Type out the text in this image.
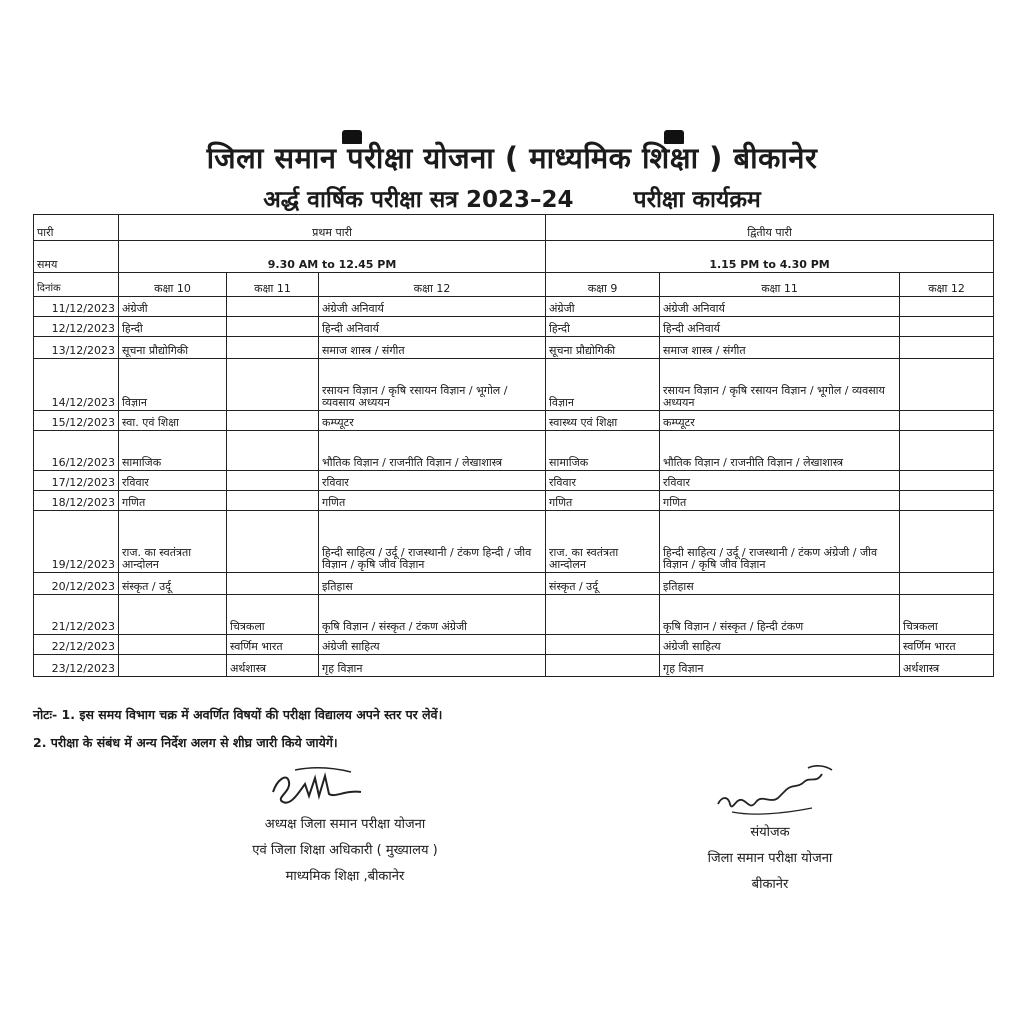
जिला समान परीक्षा योजना ( माध्यमिक शिक्षा ) बीकानेर
अर्द्ध वार्षिक परीक्षा सत्र 2023–24	परीक्षा कार्यक्रम
पारी	प्रथम पारी			द्वितीय पारी		
समय	9.30 AM to 12.45 PM			1.15 PM to 4.30 PM		
दिनांक	कक्षा 10	कक्षा 11	कक्षा 12	कक्षा 9	कक्षा 11	कक्षा 12
11/12/2023	अंग्रेजी		अंग्रेजी अनिवार्य	अंग्रेजी	अंग्रेजी अनिवार्य	
12/12/2023	हिन्दी		हिन्दी अनिवार्य	हिन्दी	हिन्दी अनिवार्य	
13/12/2023	सूचना प्रौद्योगिकी		समाज शास्त्र / संगीत	सूचना प्रौद्योगिकी	समाज शास्त्र / संगीत	
14/12/2023	विज्ञान		रसायन विज्ञान / कृषि रसायन विज्ञान / भूगोल / व्यवसाय अध्ययन	विज्ञान	रसायन विज्ञान / कृषि रसायन विज्ञान / भूगोल / व्यवसाय अध्ययन	
15/12/2023	स्वा. एवं शिक्षा		कम्प्यूटर	स्वास्थ्य एवं शिक्षा	कम्प्यूटर	
16/12/2023	सामाजिक		भौतिक विज्ञान / राजनीति विज्ञान / लेखाशास्त्र	सामाजिक	भौतिक विज्ञान / राजनीति विज्ञान / लेखाशास्त्र	
17/12/2023	रविवार		रविवार	रविवार	रविवार	
18/12/2023	गणित		गणित	गणित	गणित	
19/12/2023	राज. का स्वतंत्रता आन्दोलन		हिन्दी साहित्य / उर्दू / राजस्थानी / टंकण हिन्दी / जीव विज्ञान / कृषि जीव विज्ञान	राज. का स्वतंत्रता आन्दोलन	हिन्दी साहित्य / उर्दू / राजस्थानी / टंकण अंग्रेजी / जीव विज्ञान / कृषि जीव विज्ञान	
20/12/2023	संस्कृत / उर्दू		इतिहास	संस्कृत / उर्दू	इतिहास	
21/12/2023		चित्रकला	कृषि विज्ञान / संस्कृत / टंकण अंग्रेजी		कृषि विज्ञान / संस्कृत / हिन्दी टंकण	चित्रकला
22/12/2023		स्वर्णिम भारत	अंग्रेजी साहित्य		अंग्रेजी साहित्य	स्वर्णिम भारत
23/12/2023		अर्थशास्त्र	गृह विज्ञान		गृह विज्ञान	अर्थशास्त्र
नोटः- 1. इस समय विभाग चक्र में अवर्णित विषयों की परीक्षा विद्यालय अपने स्तर पर लेवें।
2. परीक्षा के संबंध में अन्य निर्देश अलग से शीघ्र जारी किये जायेगें।
अध्यक्ष जिला समान परीक्षा योजना
एवं जिला शिक्षा अधिकारी ( मुख्यालय )
माध्यमिक शिक्षा ,बीकानेर
संयोजक
जिला समान परीक्षा योजना
बीकानेर
